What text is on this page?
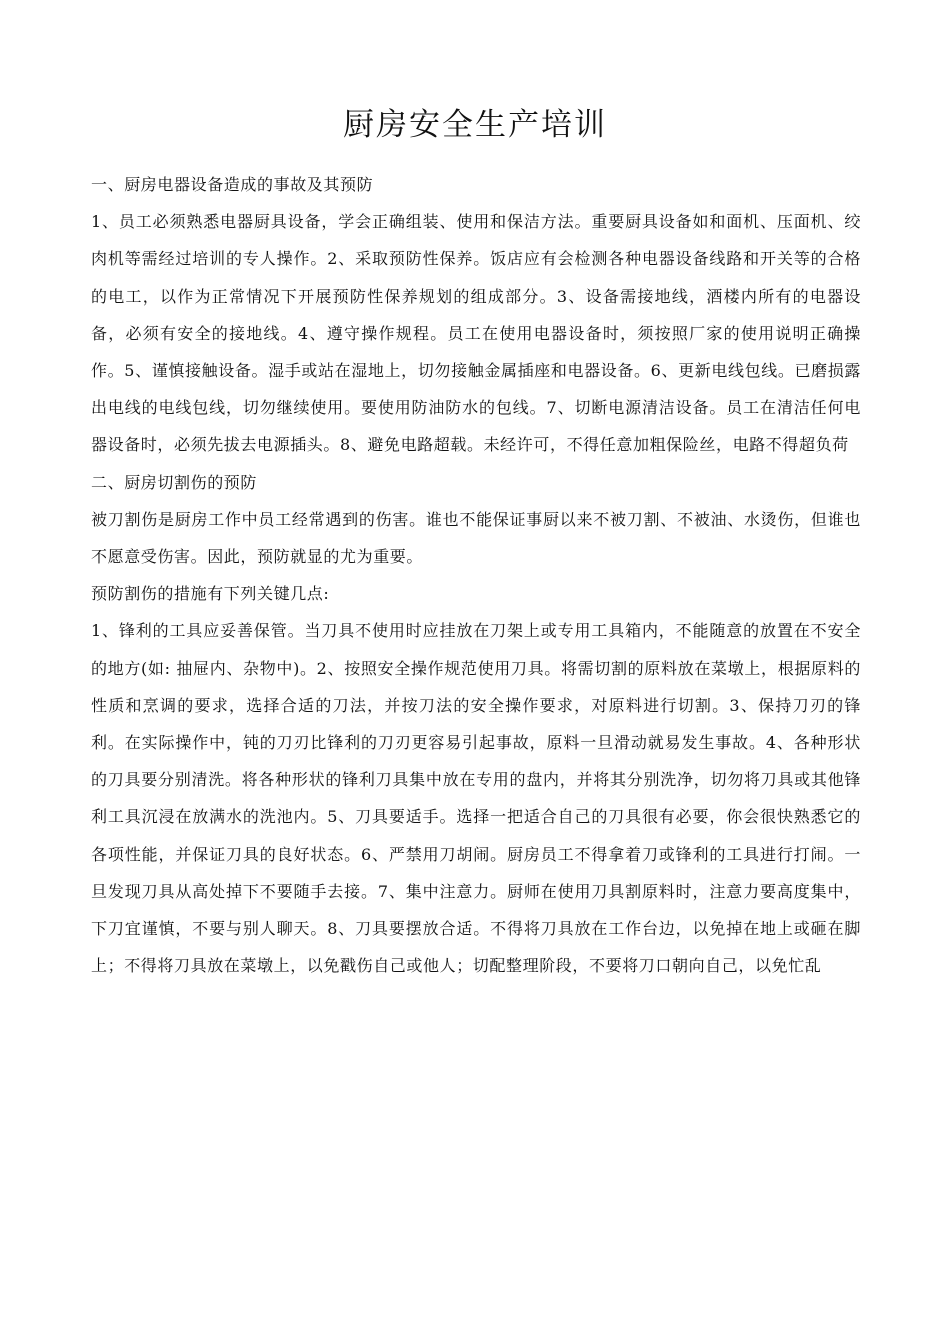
厨房安全生产培训

一、厨房电器设备造成的事故及其预防

1、员工必须熟悉电器厨具设备，学会正确组装、使用和保洁方法。重要厨具设备如和面机、压面机、绞肉机等需经过培训的专人操作。2、采取预防性保养。饭店应有会检测各种电器设备线路和开关等的合格的电工，以作为正常情况下开展预防性保养规划的组成部分。3、设备需接地线，酒楼内所有的电器设备，必须有安全的接地线。4、遵守操作规程。员工在使用电器设备时，须按照厂家的使用说明正确操作。5、谨慎接触设备。湿手或站在湿地上，切勿接触金属插座和电器设备。6、更新电线包线。已磨损露出电线的电线包线，切勿继续使用。要使用防油防水的包线。7、切断电源清洁设备。员工在清洁任何电器设备时，必须先拔去电源插头。8、避免电路超载。未经许可，不得任意加粗保险丝，电路不得超负荷

二、厨房切割伤的预防

被刀割伤是厨房工作中员工经常遇到的伤害。谁也不能保证事厨以来不被刀割、不被油、水烫伤，但谁也不愿意受伤害。因此，预防就显的尤为重要。

预防割伤的措施有下列关键几点:

1、锋利的工具应妥善保管。当刀具不使用时应挂放在刀架上或专用工具箱内，不能随意的放置在不安全的地方(如: 抽屉内、杂物中)。2、按照安全操作规范使用刀具。将需切割的原料放在菜墩上，根据原料的性质和烹调的要求，选择合适的刀法，并按刀法的安全操作要求，对原料进行切割。3、保持刀刃的锋利。在实际操作中，钝的刀刃比锋利的刀刃更容易引起事故，原料一旦滑动就易发生事故。4、各种形状的刀具要分别清洗。将各种形状的锋利刀具集中放在专用的盘内，并将其分别洗净，切勿将刀具或其他锋利工具沉浸在放满水的洗池内。5、刀具要适手。选择一把适合自己的刀具很有必要，你会很快熟悉它的各项性能，并保证刀具的良好状态。6、严禁用刀胡闹。厨房员工不得拿着刀或锋利的工具进行打闹。一旦发现刀具从高处掉下不要随手去接。7、集中注意力。厨师在使用刀具割原料时，注意力要高度集中，下刀宜谨慎，不要与别人聊天。8、刀具要摆放合适。不得将刀具放在工作台边，以免掉在地上或砸在脚上；不得将刀具放在菜墩上，以免戳伤自己或他人；切配整理阶段，不要将刀口朝向自己，以免忙乱
